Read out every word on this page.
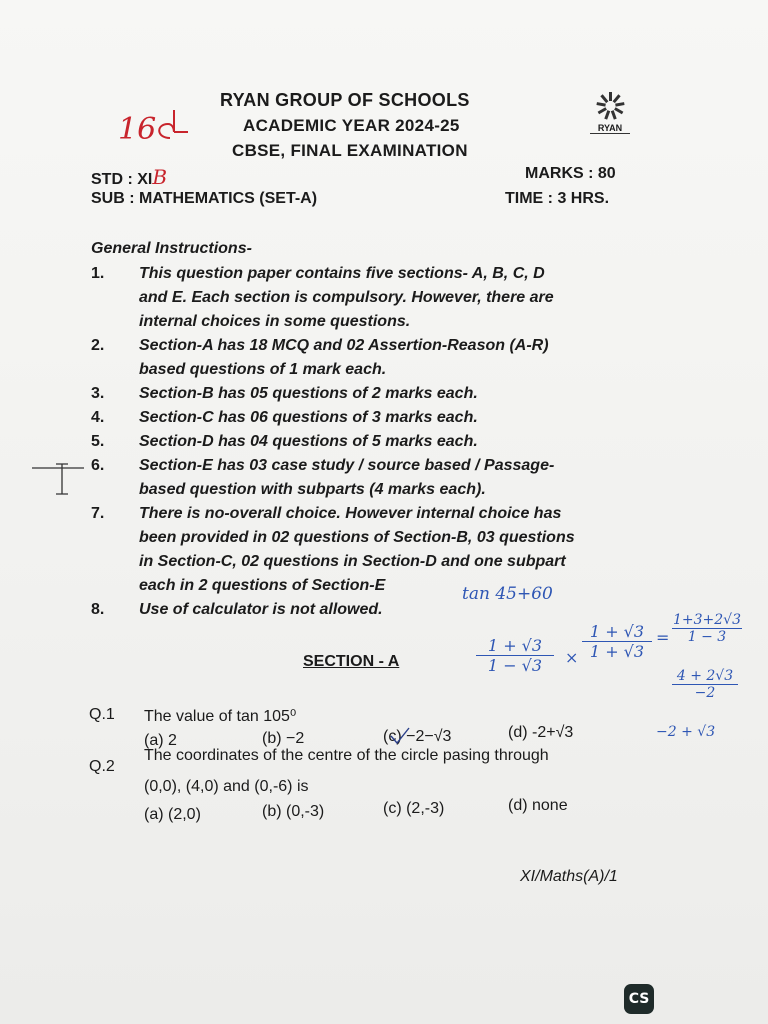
RYAN GROUP OF SCHOOLS
ACADEMIC YEAR 2024-25
CBSE, FINAL EXAMINATION
RYAN
16
STD : XIB	MARKS : 80
SUB : MATHEMATICS (SET-A)	TIME : 3 HRS.
General Instructions-
1.	This question paper contains five sections- A, B, C, D
and E. Each section is compulsory. However, there are
internal choices in some questions.
2.	Section-A has 18 MCQ and 02 Assertion-Reason (A-R)
based questions of 1 mark each.
3.	Section-B has 05 questions of 2 marks each.
4.	Section-C has 06 questions of 3 marks each.
5.	Section-D has 04 questions of 5 marks each.
6.	Section-E has 03 case study / source based / Passage-
based question with subparts (4 marks each).
7.	There is no-overall choice. However internal choice has
been provided in 02 questions of Section-B, 03 questions
in Section-C, 02 questions in Section-D and one subpart
each in 2 questions of Section-E
8.	Use of calculator is not allowed.
SECTION - A
tan 45+60
1 + √3
1 − √3	×
1 + √3
1 + √3
=
1+3+2√3
1 − 3
4 + 2√3
−2
−2 + √3
Q.1 The value of tan 105⁰
(a) 2	(b) −2	(c) −2−√3	(d) -2+√3
Q.2
The coordinates of the centre of the circle pasing through
(0,0), (4,0) and (0,-6) is
(a) (2,0)	(b) (0,-3)	(c) (2,-3)	(d) none
XI/Maths(A)/1
CS
